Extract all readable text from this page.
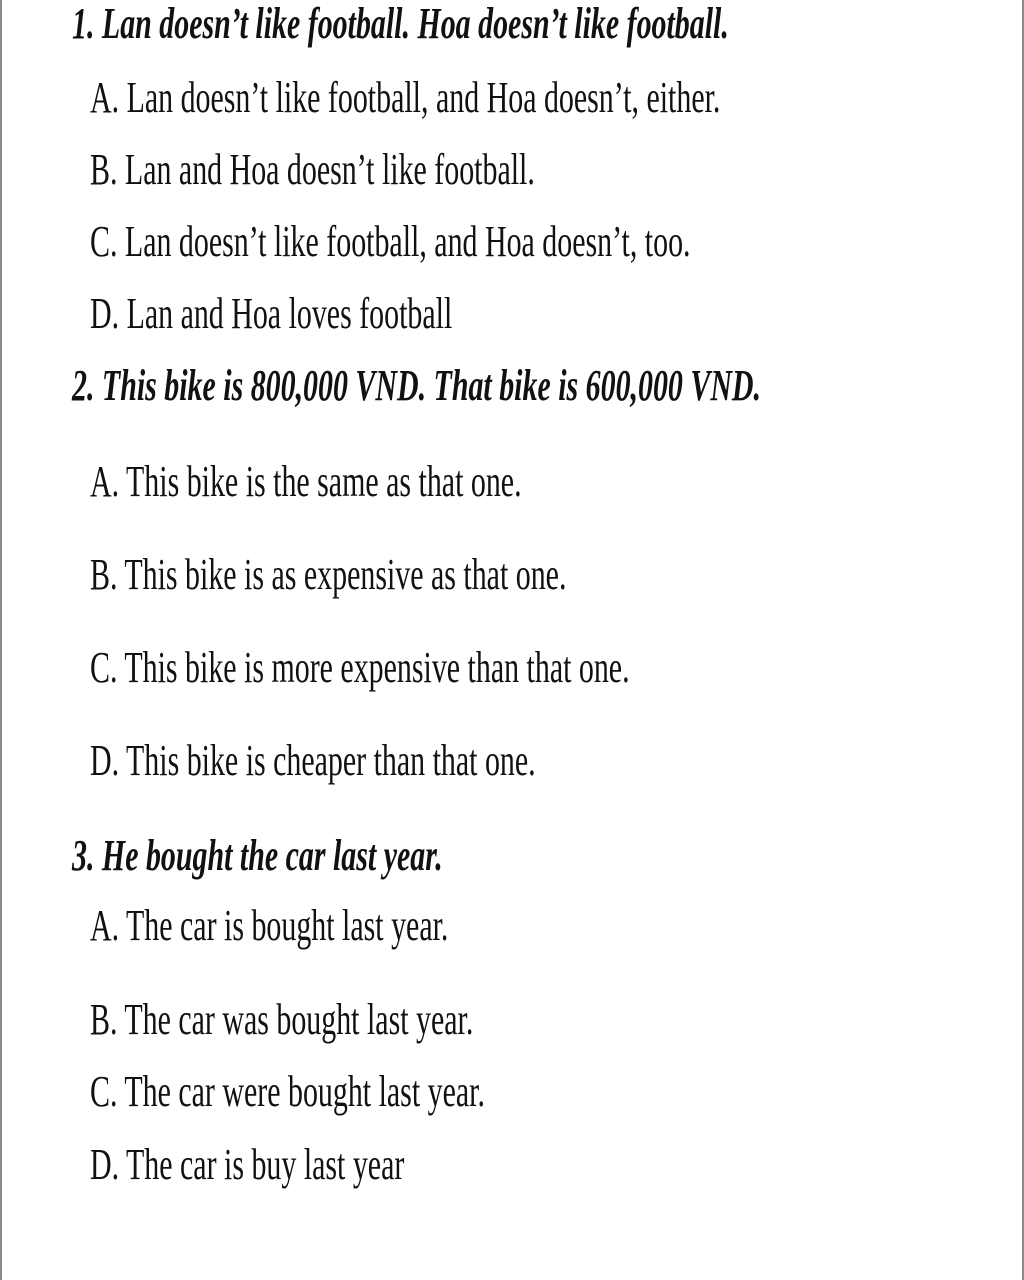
1. Lan doesn’t like football. Hoa doesn’t like football.
A. Lan doesn’t like football, and Hoa doesn’t, either.
B. Lan and Hoa doesn’t like football.
C. Lan doesn’t like football, and Hoa doesn’t, too.
D. Lan and Hoa loves football
2. This bike is 800,000 VND. That bike is 600,000 VND.
A. This bike is the same as that one.
B. This bike is as expensive as that one.
C. This bike is more expensive than that one.
D. This bike is cheaper than that one.
3. He bought the car last year.
A. The car is bought last year.
B. The car was bought last year.
C. The car were bought last year.
D. The car is buy last year
